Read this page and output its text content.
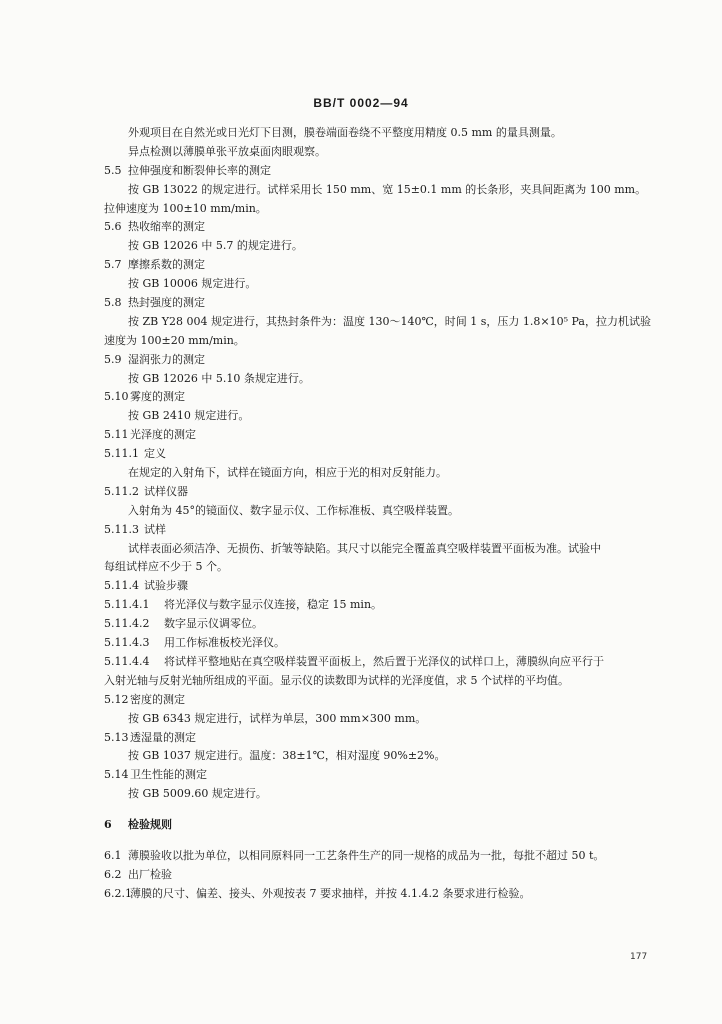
BB/T 0002—94
外观项目在自然光或日光灯下目测，膜卷端面卷绕不平整度用精度 0.5 mm 的量具测量。
异点检测以薄膜单张平放桌面肉眼观察。
5.5 拉伸强度和断裂伸长率的测定
按 GB 13022 的规定进行。试样采用长 150 mm、宽 15±0.1 mm 的长条形，夹具间距离为 100 mm。
拉伸速度为 100±10 mm/min。
5.6 热收缩率的测定
按 GB 12026 中 5.7 的规定进行。
5.7 摩擦系数的测定
按 GB 10006 规定进行。
5.8 热封强度的测定
按 ZB Y28 004 规定进行，其热封条件为：温度 130～140℃，时间 1 s，压力 1.8×10⁵ Pa，拉力机试验
速度为 100±20 mm/min。
5.9 湿润张力的测定
按 GB 12026 中 5.10 条规定进行。
5.10 雾度的测定
按 GB 2410 规定进行。
5.11 光泽度的测定
5.11.1 定义
在规定的入射角下，试样在镜面方向，相应于光的相对反射能力。
5.11.2 试样仪器
入射角为 45°的镜面仪、数字显示仪、工作标准板、真空吸样装置。
5.11.3 试样
试样表面必须洁净、无损伤、折皱等缺陷。其尺寸以能完全覆盖真空吸样装置平面板为准。试验中
每组试样应不少于 5 个。
5.11.4 试验步骤
5.11.4.1 将光泽仪与数字显示仪连接，稳定 15 min。
5.11.4.2 数字显示仪调零位。
5.11.4.3 用工作标准板校光泽仪。
5.11.4.4 将试样平整地贴在真空吸样装置平面板上，然后置于光泽仪的试样口上，薄膜纵向应平行于
入射光轴与反射光轴所组成的平面。显示仪的读数即为试样的光泽度值，求 5 个试样的平均值。
5.12 密度的测定
按 GB 6343 规定进行，试样为单层，300 mm×300 mm。
5.13 透湿量的测定
按 GB 1037 规定进行。温度：38±1℃，相对湿度 90%±2%。
5.14 卫生性能的测定
按 GB 5009.60 规定进行。
6 检验规则
6.1 薄膜验收以批为单位，以相同原料同一工艺条件生产的同一规格的成品为一批，每批不超过 50 t。
6.2 出厂检验
6.2.1薄膜的尺寸、偏差、接头、外观按表 7 要求抽样，并按 4.1.4.2 条要求进行检验。
177
